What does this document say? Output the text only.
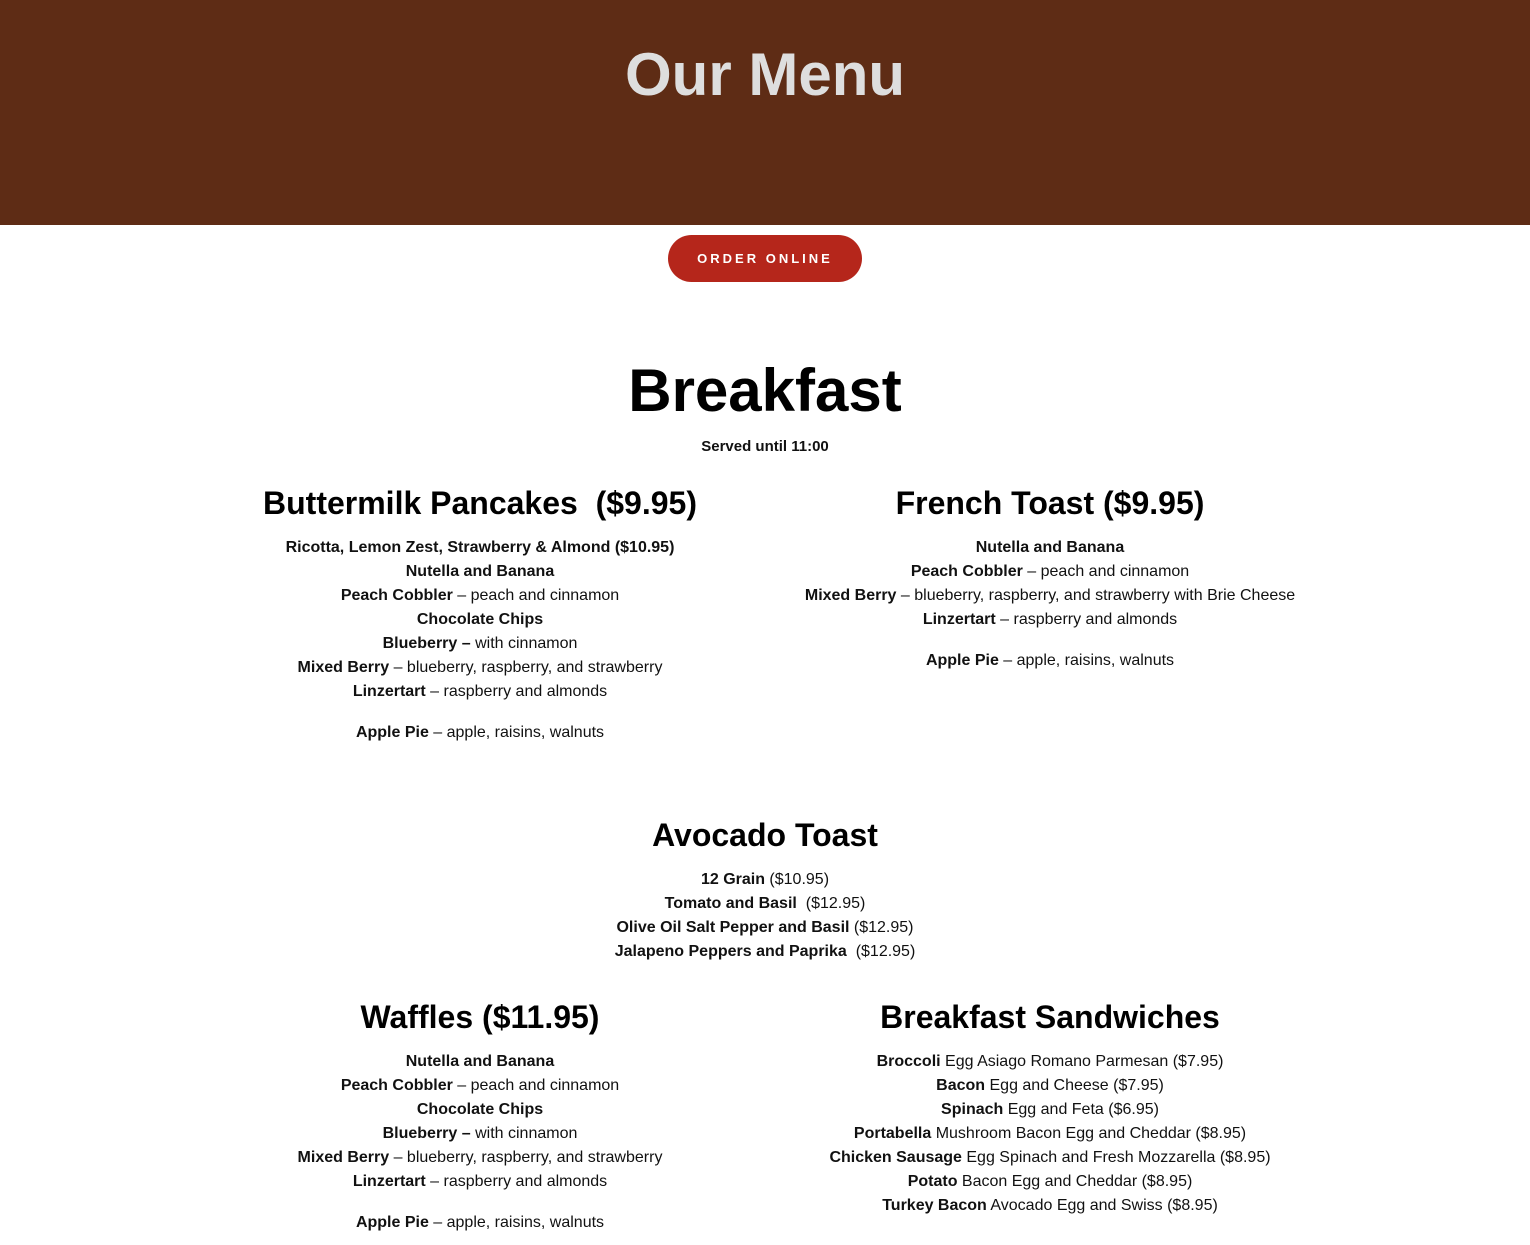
Our Menu
ORDER ONLINE
Breakfast
Served until 11:00
Buttermilk Pancakes  ($9.95)
Ricotta, Lemon Zest, Strawberry & Almond ($10.95)
Nutella and Banana
Peach Cobbler – peach and cinnamon
Chocolate Chips
Blueberry – with cinnamon
Mixed Berry – blueberry, raspberry, and strawberry
Linzertart – raspberry and almonds
Apple Pie – apple, raisins, walnuts
French Toast ($9.95)
Nutella and Banana
Peach Cobbler – peach and cinnamon
Mixed Berry – blueberry, raspberry, and strawberry with Brie Cheese
Linzertart – raspberry and almonds
Apple Pie – apple, raisins, walnuts
Avocado Toast
12 Grain ($10.95)
Tomato and Basil  ($12.95)
Olive Oil Salt Pepper and Basil ($12.95)
Jalapeno Peppers and Paprika  ($12.95)
Waffles ($11.95)
Nutella and Banana
Peach Cobbler – peach and cinnamon
Chocolate Chips
Blueberry – with cinnamon
Mixed Berry – blueberry, raspberry, and strawberry
Linzertart – raspberry and almonds
Apple Pie – apple, raisins, walnuts
Breakfast Sandwiches
Broccoli Egg Asiago Romano Parmesan ($7.95)
Bacon Egg and Cheese ($7.95)
Spinach Egg and Feta ($6.95)
Portabella Mushroom Bacon Egg and Cheddar ($8.95)
Chicken Sausage Egg Spinach and Fresh Mozzarella ($8.95)
Potato Bacon Egg and Cheddar ($8.95)
Turkey Bacon Avocado Egg and Swiss ($8.95)
